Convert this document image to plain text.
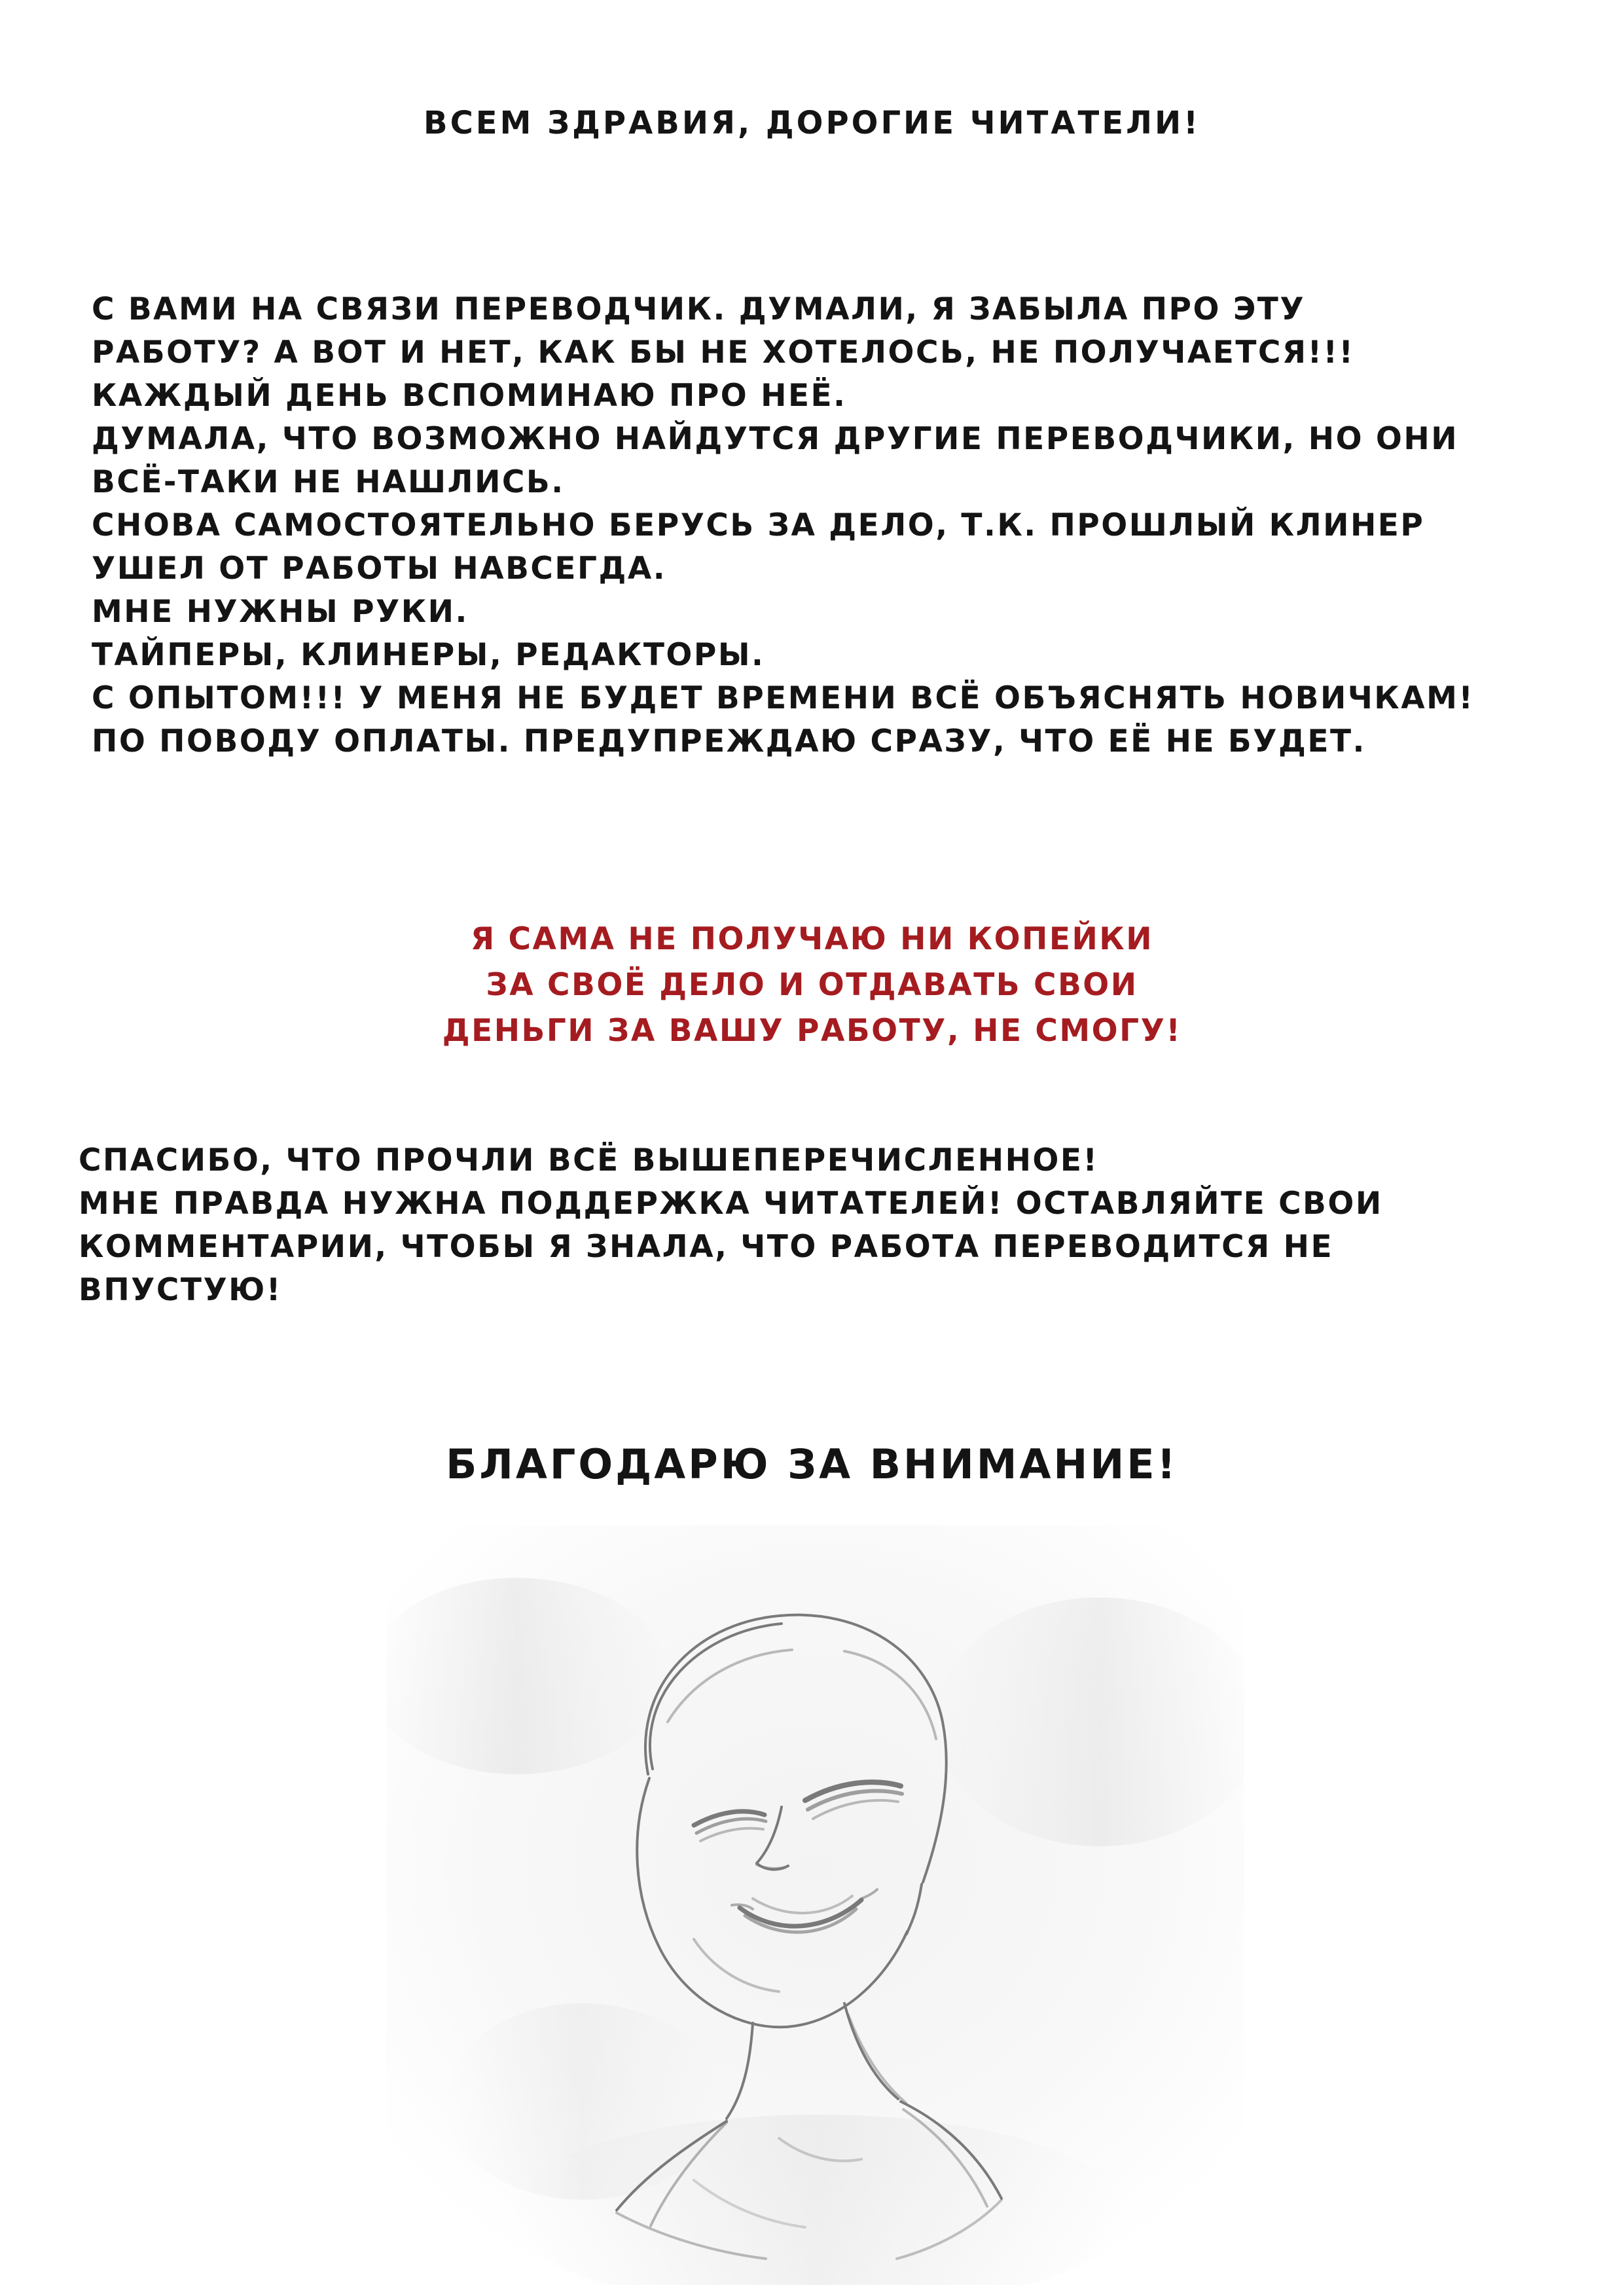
ВСЕМ ЗДРАВИЯ, ДОРОГИЕ ЧИТАТЕЛИ!
С ВАМИ НА СВЯЗИ ПЕРЕВОДЧИК. ДУМАЛИ, Я ЗАБЫЛА ПРО ЭТУ
РАБОТУ? А ВОТ И НЕТ, КАК БЫ НЕ ХОТЕЛОСЬ, НЕ ПОЛУЧАЕТСЯ!!!
КАЖДЫЙ ДЕНЬ ВСПОМИНАЮ ПРО НЕЁ.
ДУМАЛА, ЧТО ВОЗМОЖНО НАЙДУТСЯ ДРУГИЕ ПЕРЕВОДЧИКИ, НО ОНИ
ВСЁ-ТАКИ НЕ НАШЛИСЬ.
СНОВА САМОСТОЯТЕЛЬНО БЕРУСЬ ЗА ДЕЛО, Т.К. ПРОШЛЫЙ КЛИНЕР
УШЕЛ ОТ РАБОТЫ НАВСЕГДА.
МНЕ НУЖНЫ РУКИ.
ТАЙПЕРЫ, КЛИНЕРЫ, РЕДАКТОРЫ.
С ОПЫТОМ!!! У МЕНЯ НЕ БУДЕТ ВРЕМЕНИ ВСЁ ОБЪЯСНЯТЬ НОВИЧКАМ!
ПО ПОВОДУ ОПЛАТЫ. ПРЕДУПРЕЖДАЮ СРАЗУ, ЧТО ЕЁ НЕ БУДЕТ.
Я САМА НЕ ПОЛУЧАЮ НИ КОПЕЙКИ
ЗА СВОЁ ДЕЛО И ОТДАВАТЬ СВОИ
ДЕНЬГИ ЗА ВАШУ РАБОТУ, НЕ СМОГУ!
СПАСИБО, ЧТО ПРОЧЛИ ВСЁ ВЫШЕПЕРЕЧИСЛЕННОЕ!
МНЕ ПРАВДА НУЖНА ПОДДЕРЖКА ЧИТАТЕЛЕЙ! ОСТАВЛЯЙТЕ СВОИ
КОММЕНТАРИИ, ЧТОБЫ Я ЗНАЛА, ЧТО РАБОТА ПЕРЕВОДИТСЯ НЕ
ВПУСТУЮ!
БЛАГОДАРЮ ЗА ВНИМАНИЕ!
